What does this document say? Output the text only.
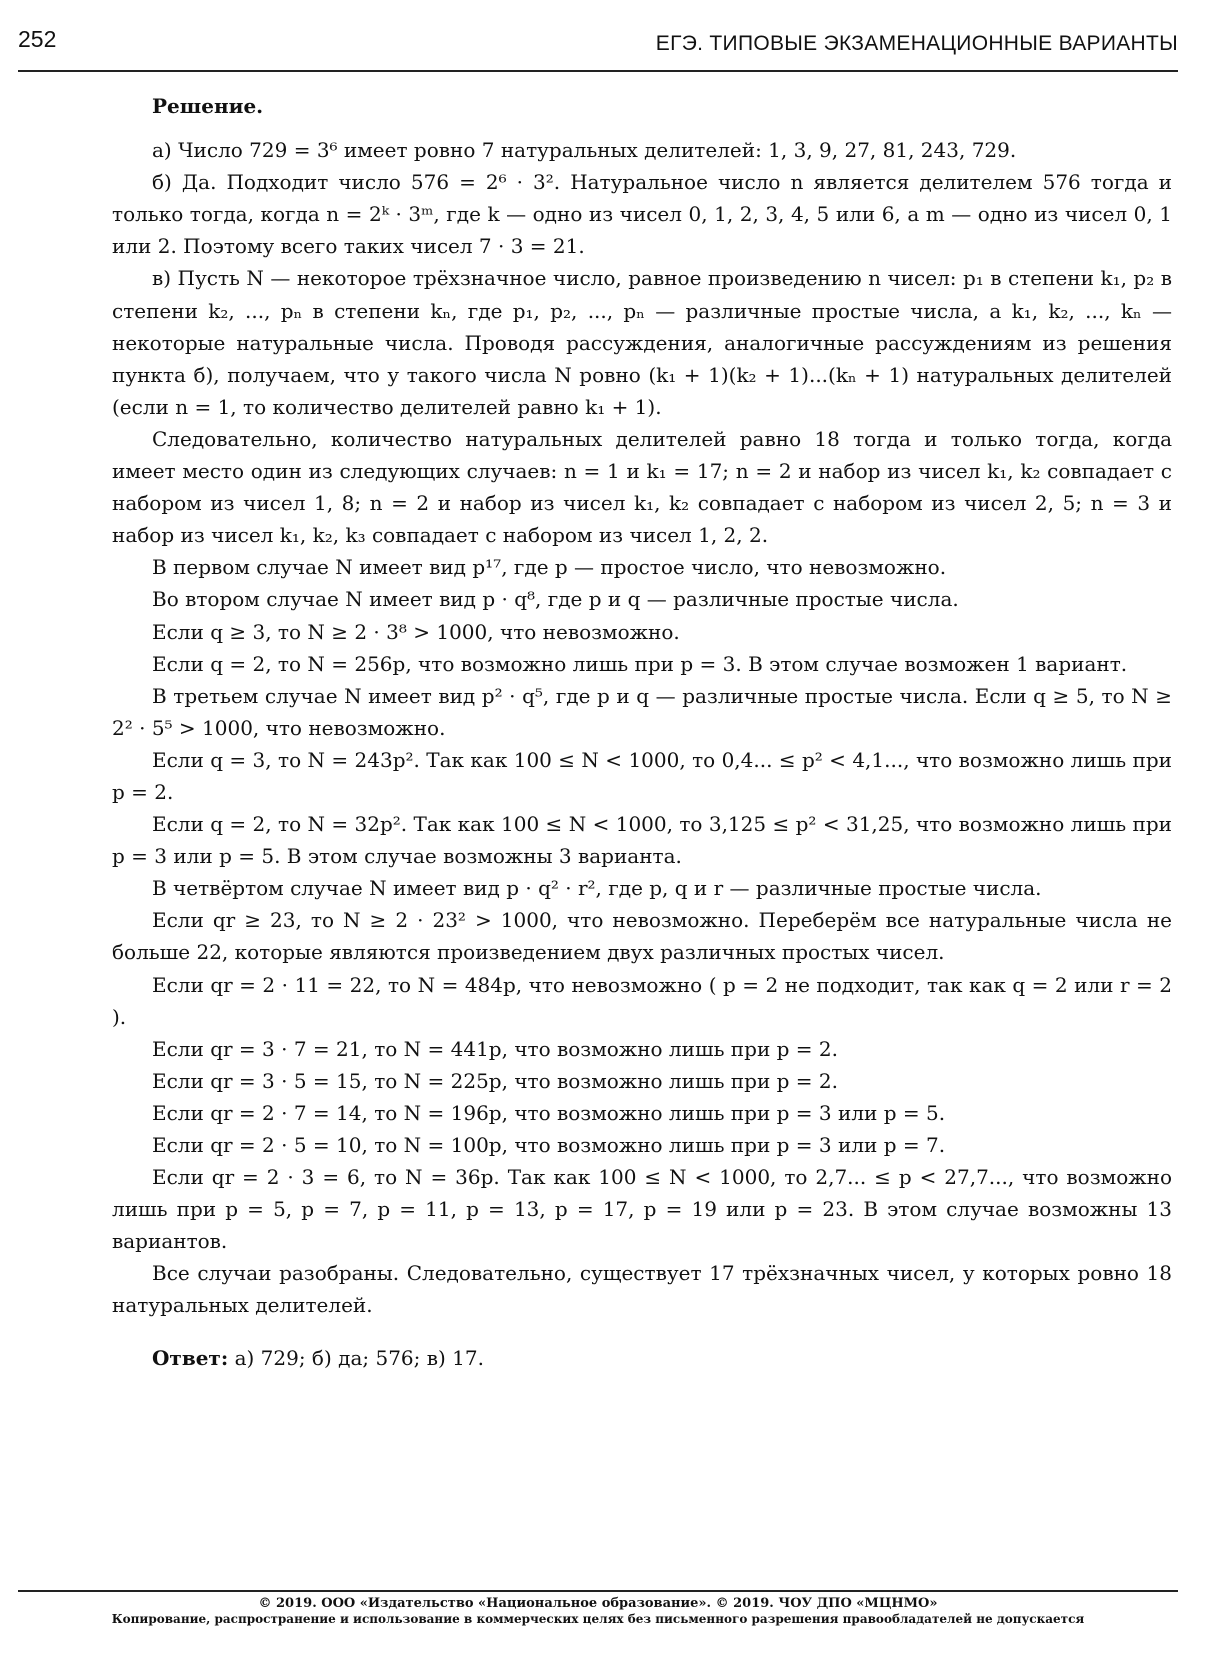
252	ЕГЭ. ТИПОВЫЕ ЭКЗАМЕНАЦИОННЫЕ ВАРИАНТЫ

Решение.

а) Число 729 = 3⁶ имеет ровно 7 натуральных делителей: 1, 3, 9, 27, 81, 243, 729.

б) Да. Подходит число 576 = 2⁶ · 3². Натуральное число n является делителем 576 тогда и только тогда, когда n = 2ᵏ · 3ᵐ, где k — одно из чисел 0, 1, 2, 3, 4, 5 или 6, а m — одно из чисел 0, 1 или 2. Поэтому всего таких чисел 7 · 3 = 21.

в) Пусть N — некоторое трёхзначное число, равное произведению n чисел: p₁ в степени k₁, p₂ в степени k₂, ..., pₙ в степени kₙ, где p₁, p₂, ..., pₙ — различные простые числа, а k₁, k₂, ..., kₙ — некоторые натуральные числа. Проводя рассуждения, аналогичные рассуждениям из решения пункта б), получаем, что у такого числа N ровно (k₁ + 1)(k₂ + 1)...(kₙ + 1) натуральных делителей (если n = 1, то количество делителей равно k₁ + 1).

Следовательно, количество натуральных делителей равно 18 тогда и только тогда, когда имеет место один из следующих случаев: n = 1 и k₁ = 17; n = 2 и набор из чисел k₁, k₂ совпадает с набором из чисел 1, 8; n = 2 и набор из чисел k₁, k₂ совпадает с набором из чисел 2, 5; n = 3 и набор из чисел k₁, k₂, k₃ совпадает с набором из чисел 1, 2, 2.

В первом случае N имеет вид p¹⁷, где p — простое число, что невозможно.

Во втором случае N имеет вид p · q⁸, где p и q — различные простые числа.

Если q ≥ 3, то N ≥ 2 · 3⁸ > 1000, что невозможно.

Если q = 2, то N = 256p, что возможно лишь при p = 3. В этом случае возможен 1 вариант.

В третьем случае N имеет вид p² · q⁵, где p и q — различные простые числа. Если q ≥ 5, то N ≥ 2² · 5⁵ > 1000, что невозможно.

Если q = 3, то N = 243p². Так как 100 ≤ N < 1000, то 0,4... ≤ p² < 4,1..., что возможно лишь при p = 2.

Если q = 2, то N = 32p². Так как 100 ≤ N < 1000, то 3,125 ≤ p² < 31,25, что возможно лишь при p = 3 или p = 5. В этом случае возможны 3 варианта.

В четвёртом случае N имеет вид p · q² · r², где p, q и r — различные простые числа.

Если qr ≥ 23, то N ≥ 2 · 23² > 1000, что невозможно. Переберём все натуральные числа не больше 22, которые являются произведением двух различных простых чисел.

Если qr = 2 · 11 = 22, то N = 484p, что невозможно ( p = 2 не подходит, так как q = 2 или r = 2 ).

Если qr = 3 · 7 = 21, то N = 441p, что возможно лишь при p = 2.

Если qr = 3 · 5 = 15, то N = 225p, что возможно лишь при p = 2.

Если qr = 2 · 7 = 14, то N = 196p, что возможно лишь при p = 3 или p = 5.

Если qr = 2 · 5 = 10, то N = 100p, что возможно лишь при p = 3 или p = 7.

Если qr = 2 · 3 = 6, то N = 36p. Так как 100 ≤ N < 1000, то 2,7... ≤ p < 27,7..., что возможно лишь при p = 5, p = 7, p = 11, p = 13, p = 17, p = 19 или p = 23. В этом случае возможны 13 вариантов.

Все случаи разобраны. Следовательно, существует 17 трёхзначных чисел, у которых ровно 18 натуральных делителей.

Ответ: а) 729; б) да; 576; в) 17.

© 2019. ООО «Издательство «Национальное образование». © 2019. ЧОУ ДПО «МЦНМО»
Копирование, распространение и использование в коммерческих целях без письменного разрешения правообладателей не допускается
